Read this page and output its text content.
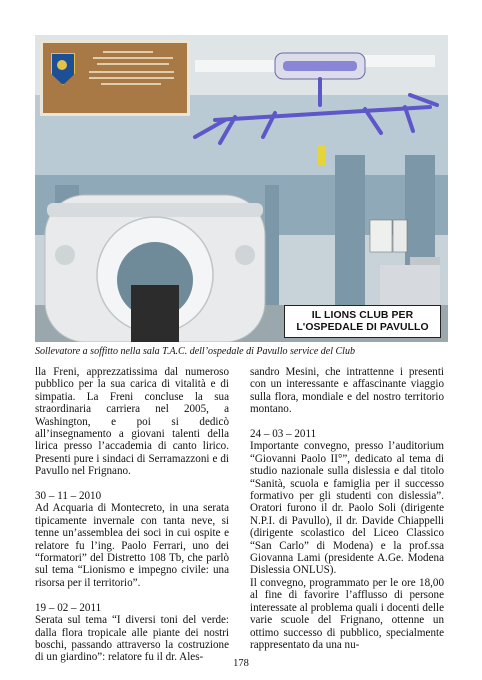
IL LIONS CLUB PER
L'OSPEDALE DI PAVULLO
Sollevatore a soffitto nella sala T.A.C. dell’ospedale di Pavullo service del Club

lla Freni, apprezzatissima dal numeroso pubblico per la sua carica di vitalità e di simpatia. La Freni concluse la sua straordinaria carriera nel 2005, a Washington, e poi si dedicò all’insegnamento a giovani talenti della lirica presso l’accademia di canto lirico. Presenti pure i sindaci di Serramazzoni e di Pavullo nel Frignano.

30 – 11 – 2010

Ad Acquaria di Montecreto, in una serata tipicamente invernale con tanta neve, si tenne un’assemblea dei soci in cui ospite e relatore fu l’ing. Paolo Ferrari, uno dei “formatori” del Distretto 108 Tb, che parlò sul tema “Lionismo e impegno civile: una risorsa per il territorio”.

19 – 02 – 2011

Serata sul tema “I diversi toni del verde: dalla flora tropicale alle piante dei nostri boschi, passando attraverso la costruzione di un giardino”: relatore fu il dr. Ales-

sandro Mesini, che intrattenne i presenti con un interessante e affascinante viaggio sulla flora, mondiale e del nostro territorio montano.

24 – 03 – 2011

Importante convegno, presso l’auditorium “Giovanni Paolo II°”, dedicato al tema di studio nazionale sulla dislessia e dal titolo “Sanità, scuola e famiglia per il successo formativo per gli studenti con dislessia”. Oratori furono il dr. Paolo Soli (dirigente N.P.I. di Pavullo), il dr. Davide Chiappelli (dirigente scolastico del Liceo Classico “San Carlo” di Modena) e la prof.ssa Giovanna Lami (presidente A.Ge. Modena Dislessia ONLUS).

Il convegno, programmato per le ore 18,00 al fine di favorire l’afflusso di persone interessate al problema quali i docenti delle varie scuole del Frignano, ottenne un ottimo successo di pubblico, specialmente rappresentato da una nu-

178
